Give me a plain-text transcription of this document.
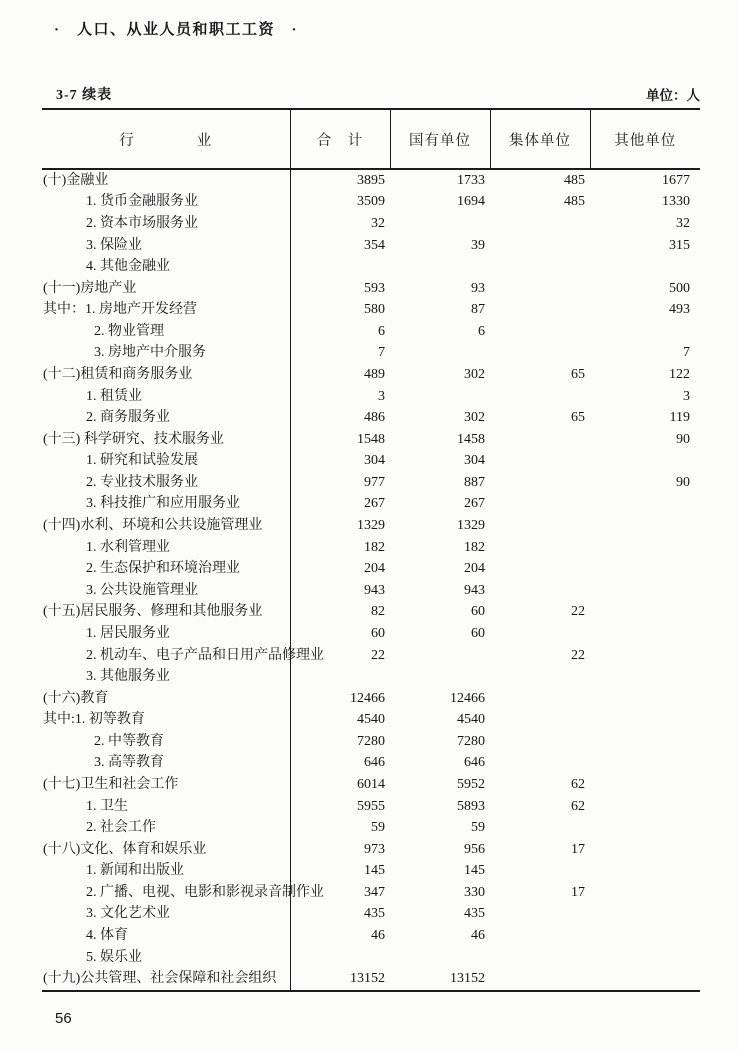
·　人口、从业人员和职工工资　·
3-7 续表	单位：人
行　　　　业	合　计	国有单位	集体单位	其他单位
(十)金融业	3895	1733	485	1677
1. 货币金融服务业	3509	1694	485	1330
2. 资本市场服务业	32			32
3. 保险业	354	39		315
4. 其他金融业				
(十一)房地产业	593	93		500
其中：1. 房地产开发经营	580	87		493
2. 物业管理	6	6		
3. 房地产中介服务	7			7
(十二)租赁和商务服务业	489	302	65	122
1. 租赁业	3			3
2. 商务服务业	486	302	65	119
(十三) 科学研究、技术服务业	1548	1458		90
1. 研究和试验发展	304	304		
2. 专业技术服务业	977	887		90
3. 科技推广和应用服务业	267	267		
(十四)水利、环境和公共设施管理业	1329	1329		
1. 水利管理业	182	182		
2. 生态保护和环境治理业	204	204		
3. 公共设施管理业	943	943		
(十五)居民服务、修理和其他服务业	82	60	22	
1. 居民服务业	60	60		
2. 机动车、电子产品和日用产品修理业	22		22	
3. 其他服务业				
(十六)教育	12466	12466		
其中:1. 初等教育	4540	4540		
2. 中等教育	7280	7280		
3. 高等教育	646	646		
(十七)卫生和社会工作	6014	5952	62	
1. 卫生	5955	5893	62	
2. 社会工作	59	59		
(十八)文化、体育和娱乐业	973	956	17	
1. 新闻和出版业	145	145		
2. 广播、电视、电影和影视录音制作业	347	330	17	
3. 文化艺术业	435	435		
4. 体育	46	46		
5. 娱乐业				
(十九)公共管理、社会保障和社会组织	13152	13152		
56
